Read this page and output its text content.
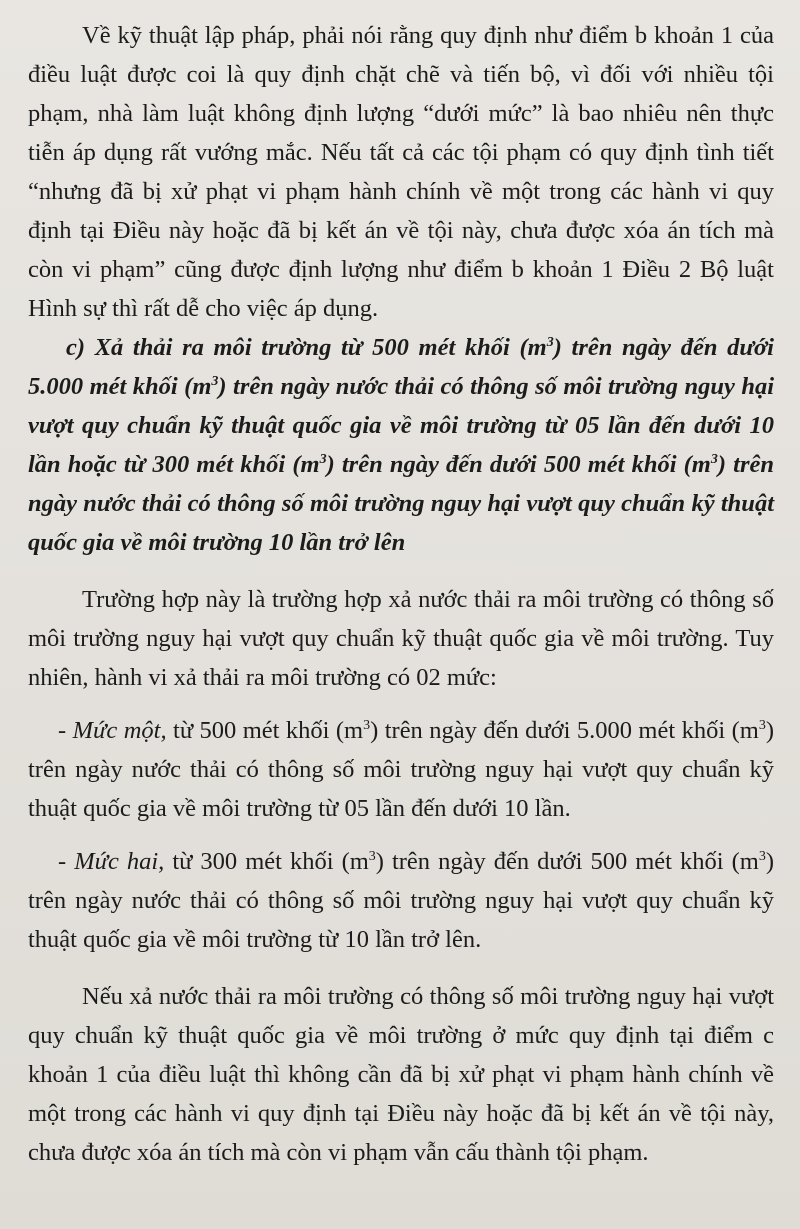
Về kỹ thuật lập pháp, phải nói rằng quy định như điểm b khoản 1 của điều luật được coi là quy định chặt chẽ và tiến bộ, vì đối với nhiều tội phạm, nhà làm luật không định lượng “dưới mức” là bao nhiêu nên thực tiễn áp dụng rất vướng mắc. Nếu tất cả các tội phạm có quy định tình tiết “nhưng đã bị xử phạt vi phạm hành chính về một trong các hành vi quy định tại Điều này hoặc đã bị kết án về tội này, chưa được xóa án tích mà còn vi phạm” cũng được định lượng như điểm b khoản 1 Điều 2 Bộ luật Hình sự thì rất dễ cho việc áp dụng.

c) Xả thải ra môi trường từ 500 mét khối $(m^3)$ trên ngày đến dưới 5.000 mét khối $(m^3)$ trên ngày nước thải có thông số môi trường nguy hại vượt quy chuẩn kỹ thuật quốc gia về môi trường từ 05 lần đến dưới 10 lần hoặc từ 300 mét khối $(m^3)$ trên ngày đến dưới 500 mét khối $(m^3)$ trên ngày nước thải có thông số môi trường nguy hại vượt quy chuẩn kỹ thuật quốc gia về môi trường 10 lần trở lên

Trường hợp này là trường hợp xả nước thải ra môi trường có thông số môi trường nguy hại vượt quy chuẩn kỹ thuật quốc gia về môi trường. Tuy nhiên, hành vi xả thải ra môi trường có 02 mức:

- Mức một, từ 500 mét khối $(m^3)$ trên ngày đến dưới 5.000 mét khối $(m^3)$ trên ngày nước thải có thông số môi trường nguy hại vượt quy chuẩn kỹ thuật quốc gia về môi trường từ 05 lần đến dưới 10 lần.

- Mức hai, từ 300 mét khối $(m^3)$ trên ngày đến dưới 500 mét khối $(m^3)$ trên ngày nước thải có thông số môi trường nguy hại vượt quy chuẩn kỹ thuật quốc gia về môi trường từ 10 lần trở lên.

Nếu xả nước thải ra môi trường có thông số môi trường nguy hại vượt quy chuẩn kỹ thuật quốc gia về môi trường ở mức quy định tại điểm c khoản 1 của điều luật thì không cần đã bị xử phạt vi phạm hành chính về một trong các hành vi quy định tại Điều này hoặc đã bị kết án về tội này, chưa được xóa án tích mà còn vi phạm vẫn cấu thành tội phạm.
